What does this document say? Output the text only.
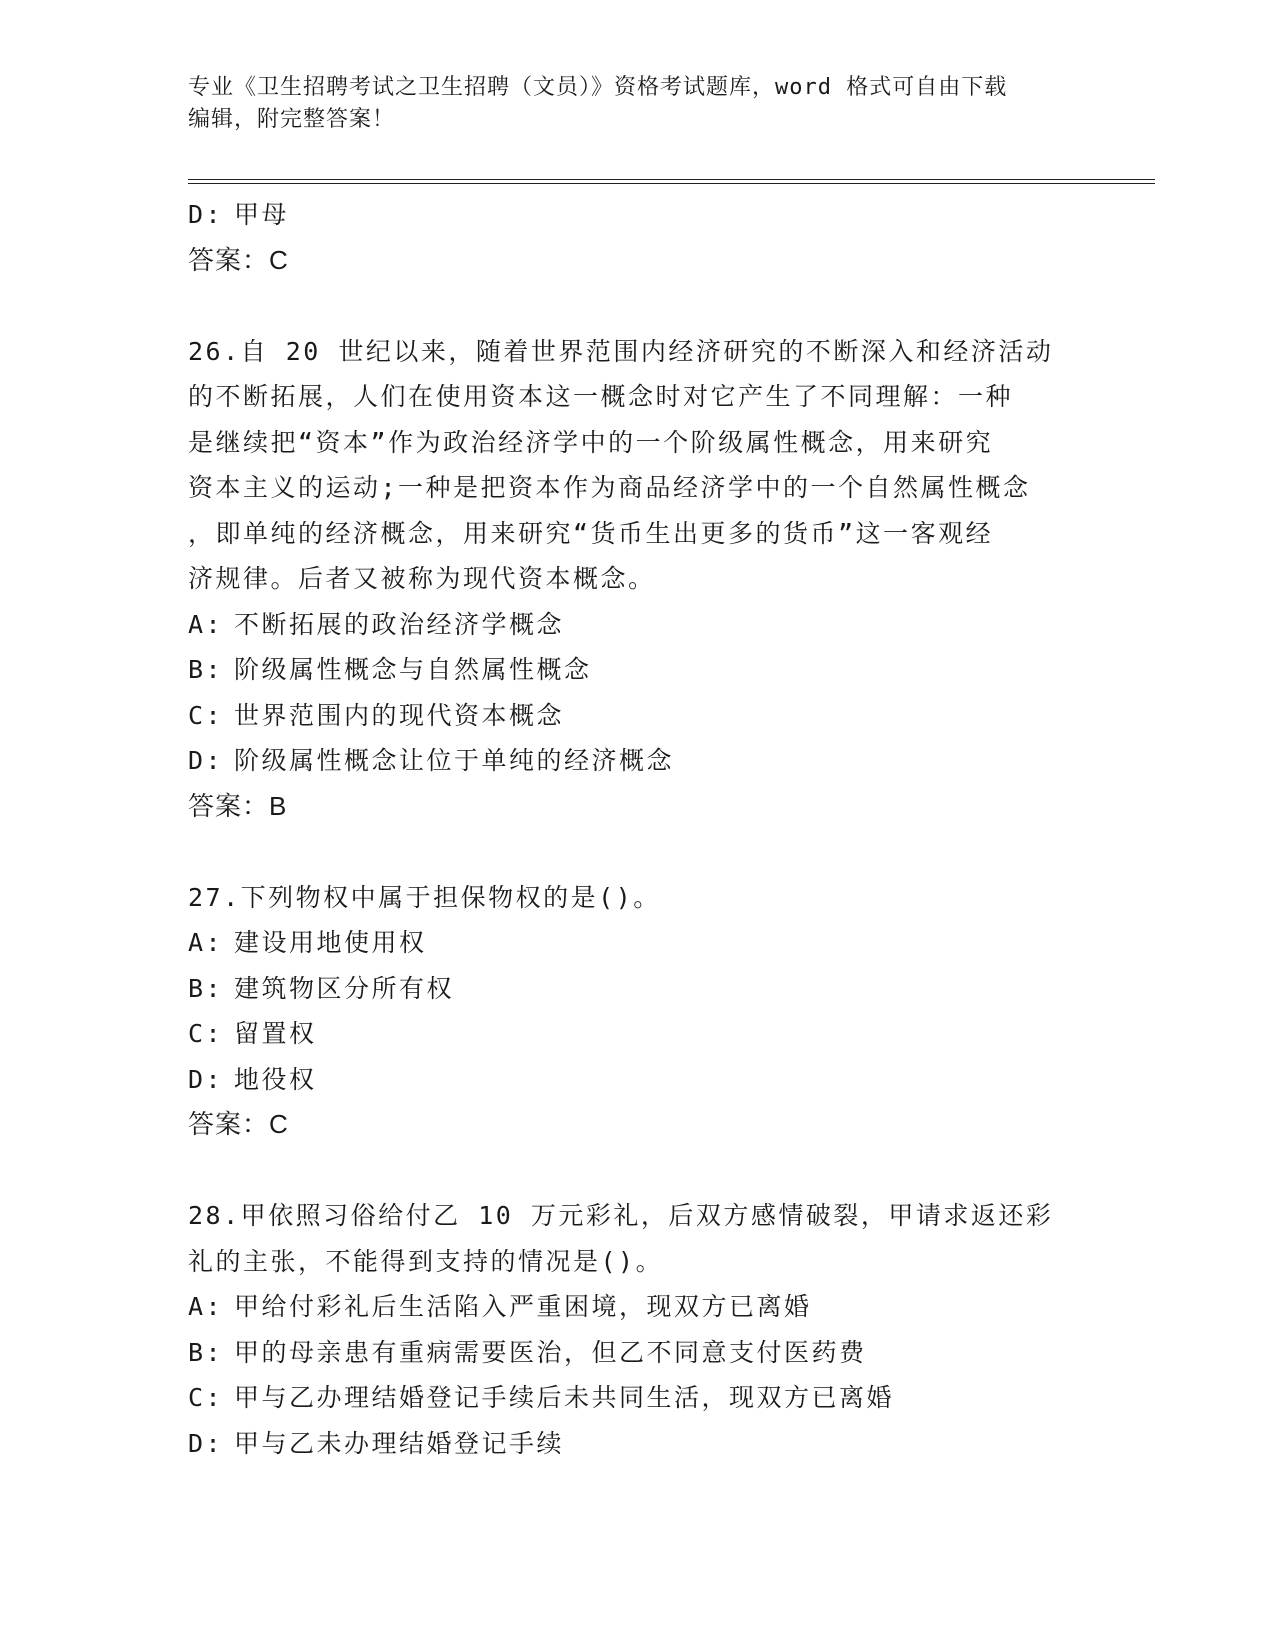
专业《卫生招聘考试之卫生招聘（文员）》资格考试题库，word 格式可自由下载
编辑，附完整答案！
D: 甲母
答案：C
26.自 20 世纪以来，随着世界范围内经济研究的不断深入和经济活动
的不断拓展，人们在使用资本这一概念时对它产生了不同理解：一种
是继续把“资本”作为政治经济学中的一个阶级属性概念，用来研究
资本主义的运动;一种是把资本作为商品经济学中的一个自然属性概念
，即单纯的经济概念，用来研究“货币生出更多的货币”这一客观经
济规律。后者又被称为现代资本概念。
A: 不断拓展的政治经济学概念
B: 阶级属性概念与自然属性概念
C: 世界范围内的现代资本概念
D: 阶级属性概念让位于单纯的经济概念
答案：B
27.下列物权中属于担保物权的是()。
A: 建设用地使用权
B: 建筑物区分所有权
C: 留置权
D: 地役权
答案：C
28.甲依照习俗给付乙 10 万元彩礼，后双方感情破裂，甲请求返还彩
礼的主张，不能得到支持的情况是()。
A: 甲给付彩礼后生活陷入严重困境，现双方已离婚
B: 甲的母亲患有重病需要医治，但乙不同意支付医药费
C: 甲与乙办理结婚登记手续后未共同生活，现双方已离婚
D: 甲与乙未办理结婚登记手续
